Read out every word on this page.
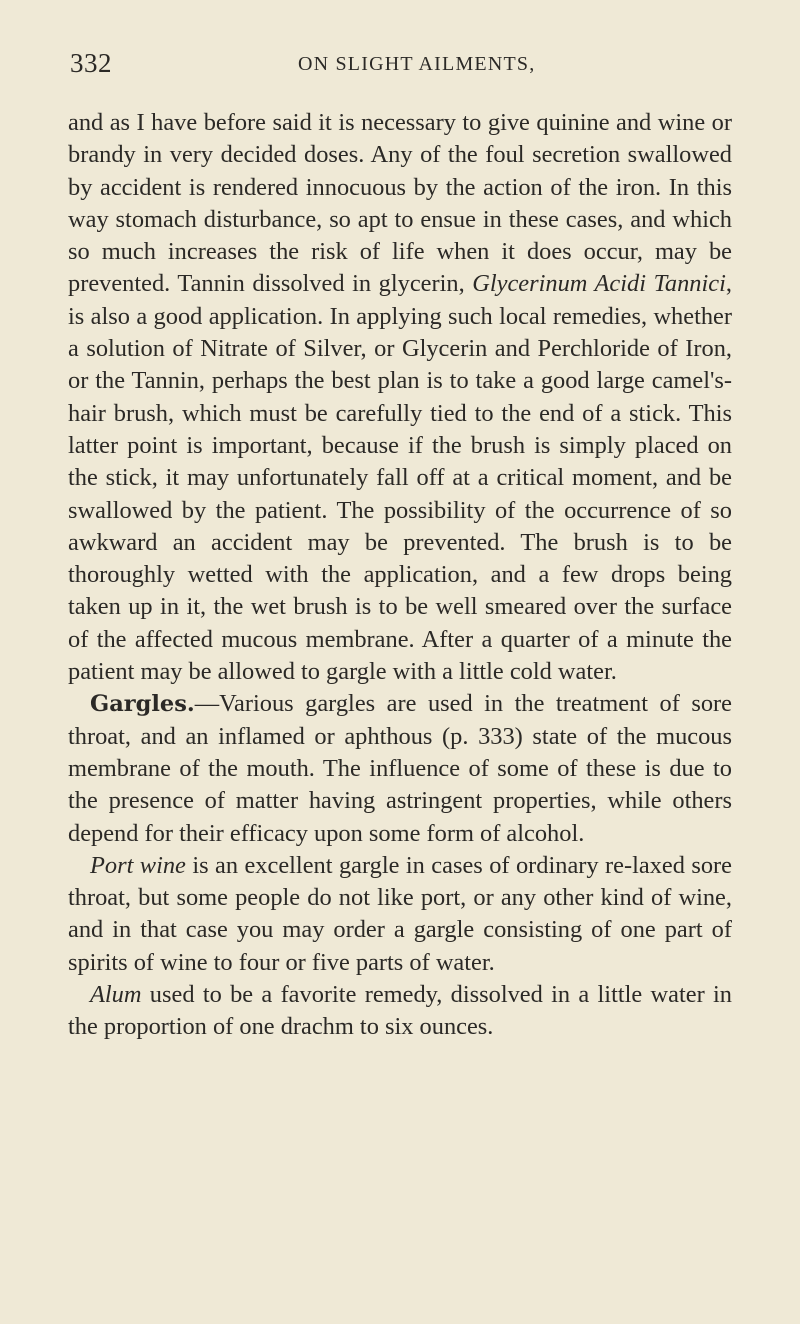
332	ON SLIGHT AILMENTS,

and as I have before said it is necessary to give quinine and wine or brandy in very decided doses. Any of the foul secretion swallowed by accident is rendered innocuous by the action of the iron. In this way stomach disturbance, so apt to ensue in these cases, and which so much increases the risk of life when it does occur, may be prevented. Tannin dissolved in glycerin, Glycerinum Acidi Tannici, is also a good application. In applying such local remedies, whether a solution of Nitrate of Silver, or Glycerin and Perchloride of Iron, or the Tannin, perhaps the best plan is to take a good large camel's-hair brush, which must be carefully tied to the end of a stick. This latter point is important, because if the brush is simply placed on the stick, it may unfortunately fall off at a critical moment, and be swallowed by the patient. The possibility of the occurrence of so awkward an accident may be prevented. The brush is to be thoroughly wetted with the application, and a few drops being taken up in it, the wet brush is to be well smeared over the surface of the affected mucous membrane. After a quarter of a minute the patient may be allowed to gargle with a little cold water.

Gargles.—Various gargles are used in the treatment of sore throat, and an inflamed or aphthous (p. 333) state of the mucous membrane of the mouth. The influence of some of these is due to the presence of matter having astringent properties, while others depend for their efficacy upon some form of alcohol.

Port wine is an excellent gargle in cases of ordinary re-laxed sore throat, but some people do not like port, or any other kind of wine, and in that case you may order a gargle consisting of one part of spirits of wine to four or five parts of water.

Alum used to be a favorite remedy, dissolved in a little water in the proportion of one drachm to six ounces.
